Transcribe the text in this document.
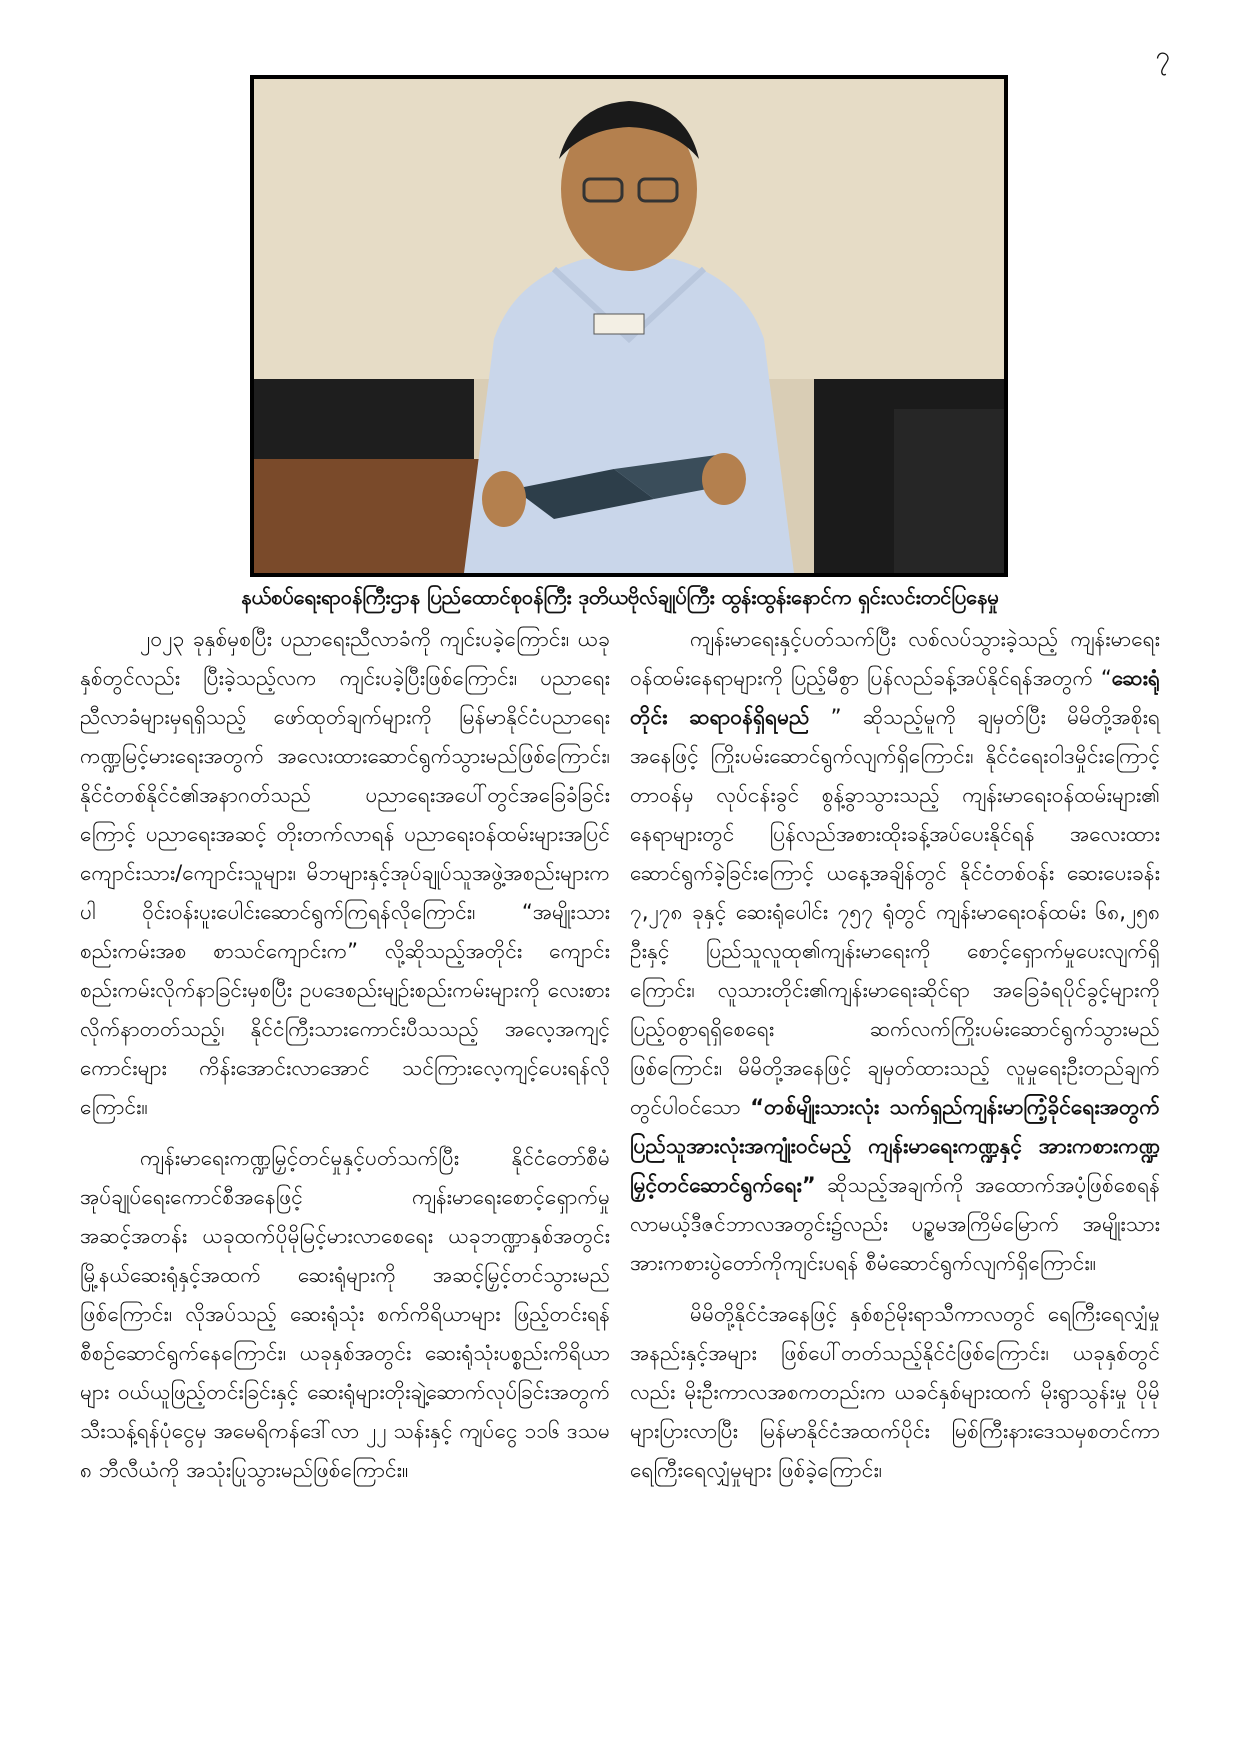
၇
နယ်စပ်ရေးရာဝန်ကြီးဌာန ပြည်ထောင်စုဝန်ကြီး ဒုတိယဗိုလ်ချုပ်ကြီး ထွန်းထွန်းနောင်က ရှင်းလင်းတင်ပြနေမှု

၂၀၂၃ ခုနှစ်မှစပြီး ပညာရေးညီလာခံကို ကျင်းပခဲ့ကြောင်း၊ ယခုနှစ်တွင်လည်း ပြီးခဲ့သည့်လက ကျင်းပခဲ့ပြီးဖြစ်ကြောင်း၊ ပညာရေးညီလာခံများမှရရှိသည့် ဖော်ထုတ်ချက်များကို မြန်မာနိုင်ငံပညာရေး ကဏ္ဍမြင့်မားရေးအတွက် အလေးထားဆောင်ရွက်သွားမည်ဖြစ်ကြောင်း၊ နိုင်ငံတစ်နိုင်ငံ၏အနာဂတ်သည် ပညာရေးအပေါ်တွင်အခြေခံခြင်းကြောင့် ပညာရေးအဆင့် တိုးတက်လာရန် ပညာရေးဝန်ထမ်းများအပြင် ကျောင်းသား/ကျောင်းသူများ၊ မိဘများနှင့်အုပ်ချုပ်သူအဖွဲ့အစည်းများကပါ ဝိုင်းဝန်းပူးပေါင်းဆောင်ရွက်ကြရန်လိုကြောင်း၊ “အမျိုးသား စည်းကမ်းအစ စာသင်ကျောင်းက” လို့ဆိုသည့်အတိုင်း ကျောင်းစည်းကမ်းလိုက်နာခြင်းမှစပြီး ဥပဒေစည်းမျဉ်းစည်းကမ်းများကို လေးစားလိုက်နာတတ်သည့်၊ နိုင်ငံကြီးသားကောင်းပီသသည့် အလေ့အကျင့်ကောင်းများ ကိန်းအောင်းလာအောင် သင်ကြားလေ့ကျင့်ပေးရန်လိုကြောင်း။

ကျန်းမာရေးကဏ္ဍမြှင့်တင်မှုနှင့်ပတ်သက်ပြီး နိုင်ငံတော်စီမံအုပ်ချုပ်ရေးကောင်စီအနေဖြင့် ကျန်းမာရေးစောင့်ရှောက်မှုအဆင့်အတန်း ယခုထက်ပိုမိုမြင့်မားလာစေရေး ယခုဘဏ္ဍာနှစ်အတွင်း မြို့နယ်ဆေးရုံနှင့်အထက် ဆေးရုံများကို အဆင့်မြှင့်တင်သွားမည်ဖြစ်ကြောင်း၊ လိုအပ်သည့် ဆေးရုံသုံး စက်ကိရိယာများ ဖြည့်တင်းရန် စီစဉ်ဆောင်ရွက်နေကြောင်း၊ ယခုနှစ်အတွင်း ဆေးရုံသုံးပစ္စည်းကိရိယာများ ဝယ်ယူဖြည့်တင်းခြင်းနှင့် ဆေးရုံများတိုးချဲ့ဆောက်လုပ်ခြင်းအတွက် သီးသန့်ရန်ပုံငွေမှ အမေရိကန်ဒေါ်လာ ၂၂ သန်းနှင့် ကျပ်ငွေ ၁၁၆ ဒသမ ၈ ဘီလီယံကို အသုံးပြုသွားမည်ဖြစ်ကြောင်း။

ကျန်းမာရေးနှင့်ပတ်သက်ပြီး လစ်လပ်သွားခဲ့သည့် ကျန်းမာရေးဝန်ထမ်းနေရာများကို ပြည့်မီစွာ ပြန်လည်ခန့်အပ်နိုင်ရန်အတွက် “ဆေးရုံတိုင်း ဆရာဝန်ရှိရမည် ” ဆိုသည့်မူကို ချမှတ်ပြီး မိမိတို့အစိုးရ အနေဖြင့် ကြိုးပမ်းဆောင်ရွက်လျက်ရှိကြောင်း၊ နိုင်ငံရေးဝါဒမှိုင်းကြောင့် တာဝန်မှ လုပ်ငန်းခွင် စွန့်ခွာသွားသည့် ကျန်းမာရေးဝန်ထမ်းများ၏ နေရာများတွင် ပြန်လည်အစားထိုးခန့်အပ်ပေးနိုင်ရန် အလေးထားဆောင်ရွက်ခဲ့ခြင်းကြောင့် ယနေ့အချိန်တွင် နိုင်ငံတစ်ဝန်း ဆေးပေးခန်း ၇,၂၇၈ ခုနှင့် ဆေးရုံပေါင်း ၇၅၇ ရုံတွင် ကျန်းမာရေးဝန်ထမ်း ၆၈,၂၅၈ ဦးနှင့် ပြည်သူလူထု၏ကျန်းမာရေးကို စောင့်ရှောက်မှုပေးလျက်ရှိကြောင်း၊ လူသားတိုင်း၏ကျန်းမာရေးဆိုင်ရာ အခြေခံရပိုင်ခွင့်များကို ပြည့်ဝစွာရရှိစေရေး ဆက်လက်ကြိုးပမ်းဆောင်ရွက်သွားမည်ဖြစ်ကြောင်း၊ မိမိတို့အနေဖြင့် ချမှတ်ထားသည့် လူမှုရေးဦးတည်ချက်တွင်ပါဝင်သော “တစ်မျိုးသားလုံး သက်ရှည်ကျန်းမာကြံ့ခိုင်ရေးအတွက် ပြည်သူအားလုံးအကျုံးဝင်မည့် ကျန်းမာရေးကဏ္ဍနှင့် အားကစားကဏ္ဍ မြှင့်တင်ဆောင်ရွက်ရေး” ဆိုသည့်အချက်ကို အထောက်အပံ့ဖြစ်စေရန် လာမယ့်ဒီဇင်ဘာလအတွင်း၌လည်း ပဉ္စမအကြိမ်မြောက် အမျိုးသားအားကစားပွဲတော်ကိုကျင်းပရန် စီမံဆောင်ရွက်လျက်ရှိကြောင်း။

မိမိတို့နိုင်ငံအနေဖြင့် နှစ်စဉ်မိုးရာသီကာလတွင် ရေကြီးရေလျှံမှု အနည်းနှင့်အများ ဖြစ်ပေါ်တတ်သည့်နိုင်ငံဖြစ်ကြောင်း၊ ယခုနှစ်တွင်လည်း မိုးဦးကာလအစကတည်းက ယခင်နှစ်များထက် မိုးရွာသွန်းမှု ပိုမိုများပြားလာပြီး မြန်မာနိုင်ငံအထက်ပိုင်း မြစ်ကြီးနားဒေသမှစတင်ကာ ရေကြီးရေလျှံမှုများ ဖြစ်ခဲ့ကြောင်း၊
